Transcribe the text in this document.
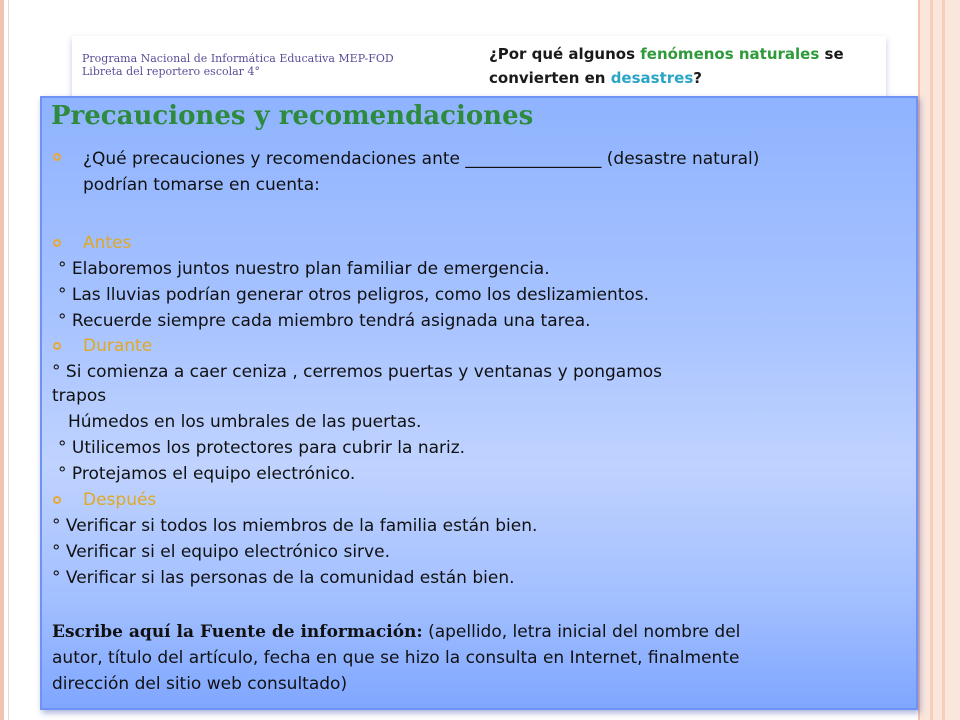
Programa Nacional de Informática Educativa MEP-FOD
Libreta del reportero escolar 4°
¿Por qué algunos fenómenos naturales se convierten en desastres?
Precauciones y recomendaciones
¿Qué precauciones y recomendaciones ante ________________ (desastre natural)
podrían tomarse en cuenta:
Antes
° Elaboremos juntos nuestro plan familiar de emergencia.
° Las lluvias podrían generar otros peligros, como los deslizamientos.
° Recuerde siempre cada miembro tendrá asignada una tarea.
Durante
° Si comienza a caer ceniza , cerremos puertas y ventanas y pongamos
trapos
Húmedos en los umbrales de las puertas.
° Utilicemos los protectores para cubrir la nariz.
° Protejamos el equipo electrónico.
Después
° Verificar si todos los miembros de la familia están bien.
° Verificar si el equipo electrónico sirve.
° Verificar si las personas de la comunidad están bien.
Escribe aquí la Fuente de información: (apellido, letra inicial del nombre del
autor, título del artículo, fecha en que se hizo la consulta en Internet, finalmente
dirección del sitio web consultado)
